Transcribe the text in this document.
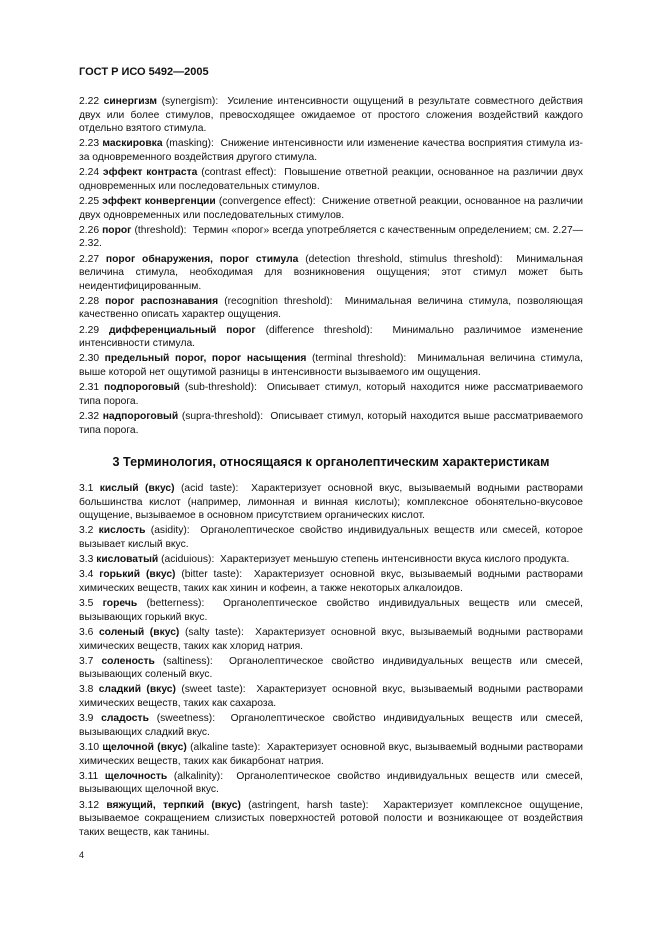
ГОСТ Р ИСО 5492—2005

2.22 синергизм (synergism): Усиление интенсивности ощущений в результате совместного действия двух или более стимулов, превосходящее ожидаемое от простого сложения воздействий каждого отдельно взятого стимула.

2.23 маскировка (masking): Снижение интенсивности или изменение качества восприятия стимула из-за одновременного воздействия другого стимула.

2.24 эффект контраста (contrast effect): Повышение ответной реакции, основанное на различии двух одновременных или последовательных стимулов.

2.25 эффект конвергенции (convergence effect): Снижение ответной реакции, основанное на различии двух одновременных или последовательных стимулов.

2.26 порог (threshold): Термин «порог» всегда употребляется с качественным определением; см. 2.27—2.32.

2.27 порог обнаружения, порог стимула (detection threshold, stimulus threshold): Минимальная величина стимула, необходимая для возникновения ощущения; этот стимул может быть неидентифицированным.

2.28 порог распознавания (recognition threshold): Минимальная величина стимула, позволяющая качественно описать характер ощущения.

2.29 дифференциальный порог (difference threshold): Минимально различимое изменение интенсивности стимула.

2.30 предельный порог, порог насыщения (terminal threshold): Минимальная величина стимула, выше которой нет ощутимой разницы в интенсивности вызываемого им ощущения.

2.31 подпороговый (sub-threshold): Описывает стимул, который находится ниже рассматриваемого типа порога.

2.32 надпороговый (supra-threshold): Описывает стимул, который находится выше рассматриваемого типа порога.

3 Терминология, относящаяся к органолептическим характеристикам

3.1 кислый (вкус) (acid taste): Характеризует основной вкус, вызываемый водными растворами большинства кислот (например, лимонная и винная кислоты); комплексное обонятельно-вкусовое ощущение, вызываемое в основном присутствием органических кислот.

3.2 кислость (asidity): Органолептическое свойство индивидуальных веществ или смесей, которое вызывает кислый вкус.

3.3 кисловатый (aciduious): Характеризует меньшую степень интенсивности вкуса кислого продукта.

3.4 горький (вкус) (bitter taste): Характеризует основной вкус, вызываемый водными растворами химических веществ, таких как хинин и кофеин, а также некоторых алкалоидов.

3.5 горечь (betterness): Органолептическое свойство индивидуальных веществ или смесей, вызывающих горький вкус.

3.6 соленый (вкус) (salty taste): Характеризует основной вкус, вызываемый водными растворами химических веществ, таких как хлорид натрия.

3.7 соленость (saltiness): Органолептическое свойство индивидуальных веществ или смесей, вызывающих соленый вкус.

3.8 сладкий (вкус) (sweet taste): Характеризует основной вкус, вызываемый водными растворами химических веществ, таких как сахароза.

3.9 сладость (sweetness): Органолептическое свойство индивидуальных веществ или смесей, вызывающих сладкий вкус.

3.10 щелочной (вкус) (alkaline taste): Характеризует основной вкус, вызываемый водными растворами химических веществ, таких как бикарбонат натрия.

3.11 щелочность (alkalinity): Органолептическое свойство индивидуальных веществ или смесей, вызывающих щелочной вкус.

3.12 вяжущий, терпкий (вкус) (astringent, harsh taste): Характеризует комплексное ощущение, вызываемое сокращением слизистых поверхностей ротовой полости и возникающее от воздействия таких веществ, как танины.

4
